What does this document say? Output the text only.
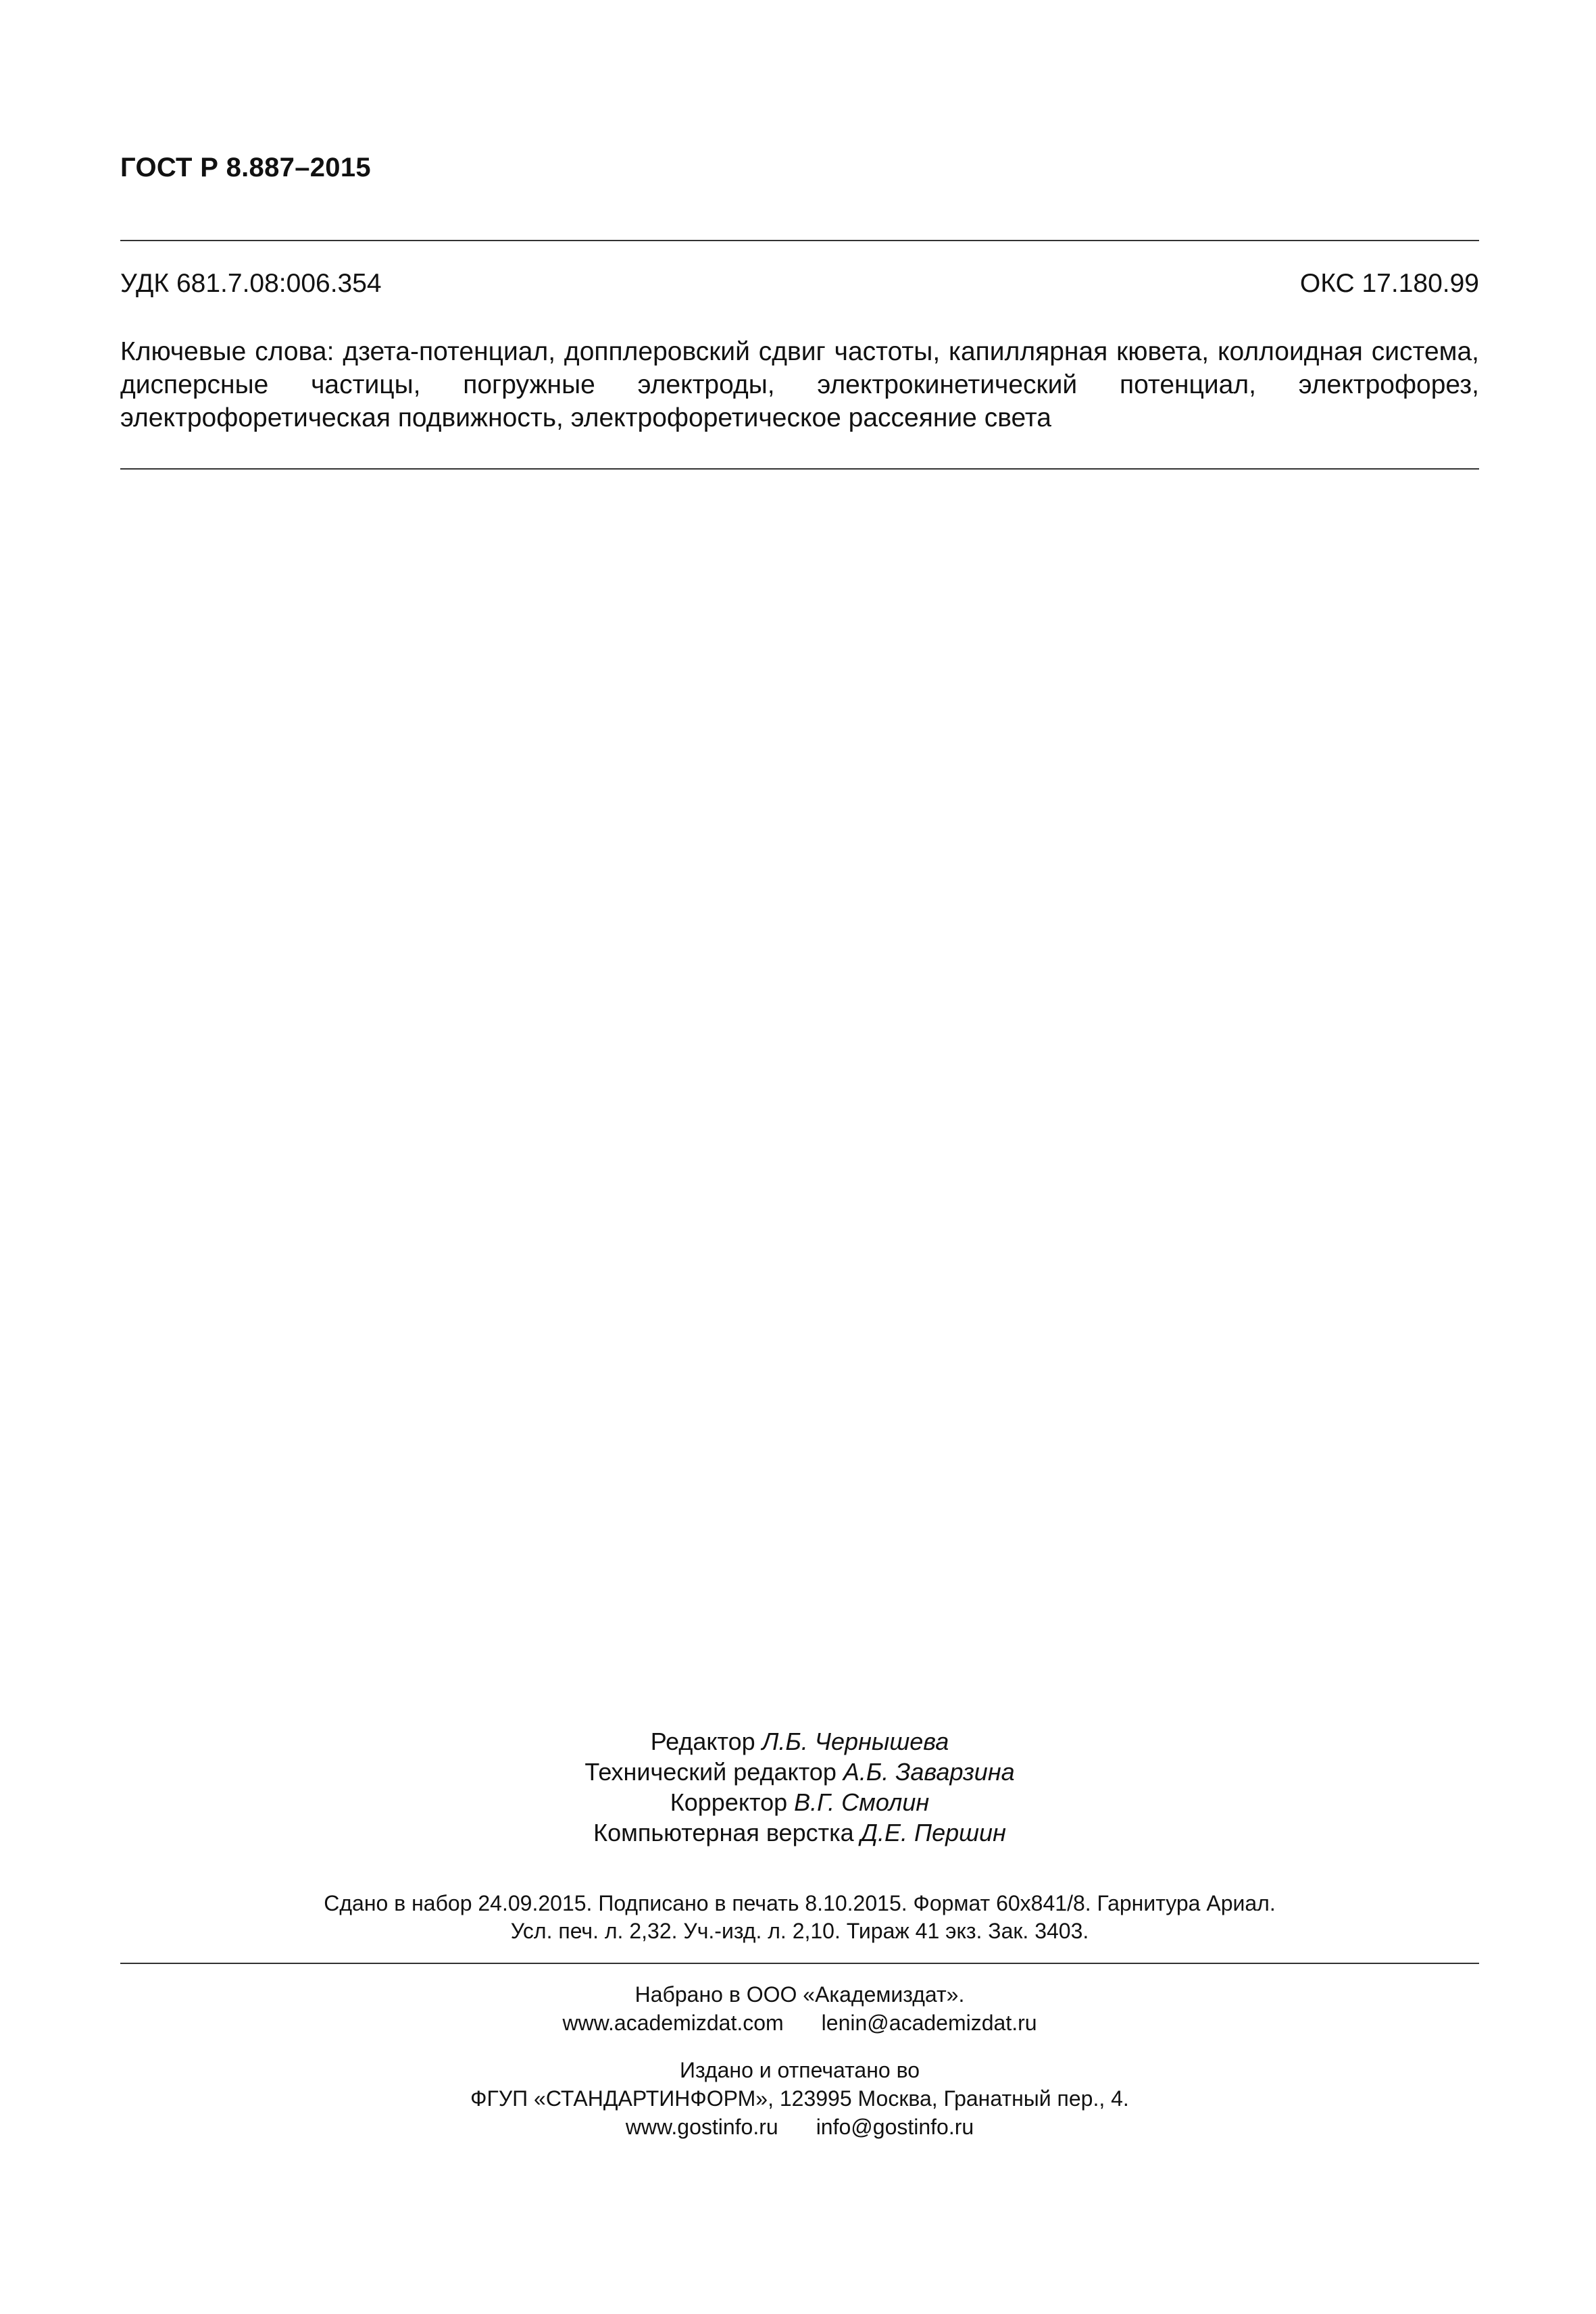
ГОСТ Р 8.887–2015
УДК 681.7.08:006.354	ОКС 17.180.99
Ключевые слова: дзета-потенциал, допплеровский сдвиг частоты, капиллярная кювета, коллоидная система, дисперсные частицы, погружные электроды, электрокинетический потенциал, электрофорез, электрофоретическая подвижность, электрофоретическое рассеяние света
Редактор Л.Б. Чернышева
Технический редактор А.Б. Заварзина
Корректор В.Г. Смолин
Компьютерная верстка Д.Е. Першин
Сдано в набор 24.09.2015. Подписано в печать 8.10.2015. Формат 60х841/8. Гарнитура Ариал.
Усл. печ. л. 2,32. Уч.-изд. л. 2,10. Тираж 41 экз. Зак. 3403.
Набрано в ООО «Академиздат».
www.academizdat.com lenin@academizdat.ru
Издано и отпечатано во
ФГУП «СТАНДАРТИНФОРМ», 123995 Москва, Гранатный пер., 4.
www.gostinfo.ru info@gostinfo.ru
